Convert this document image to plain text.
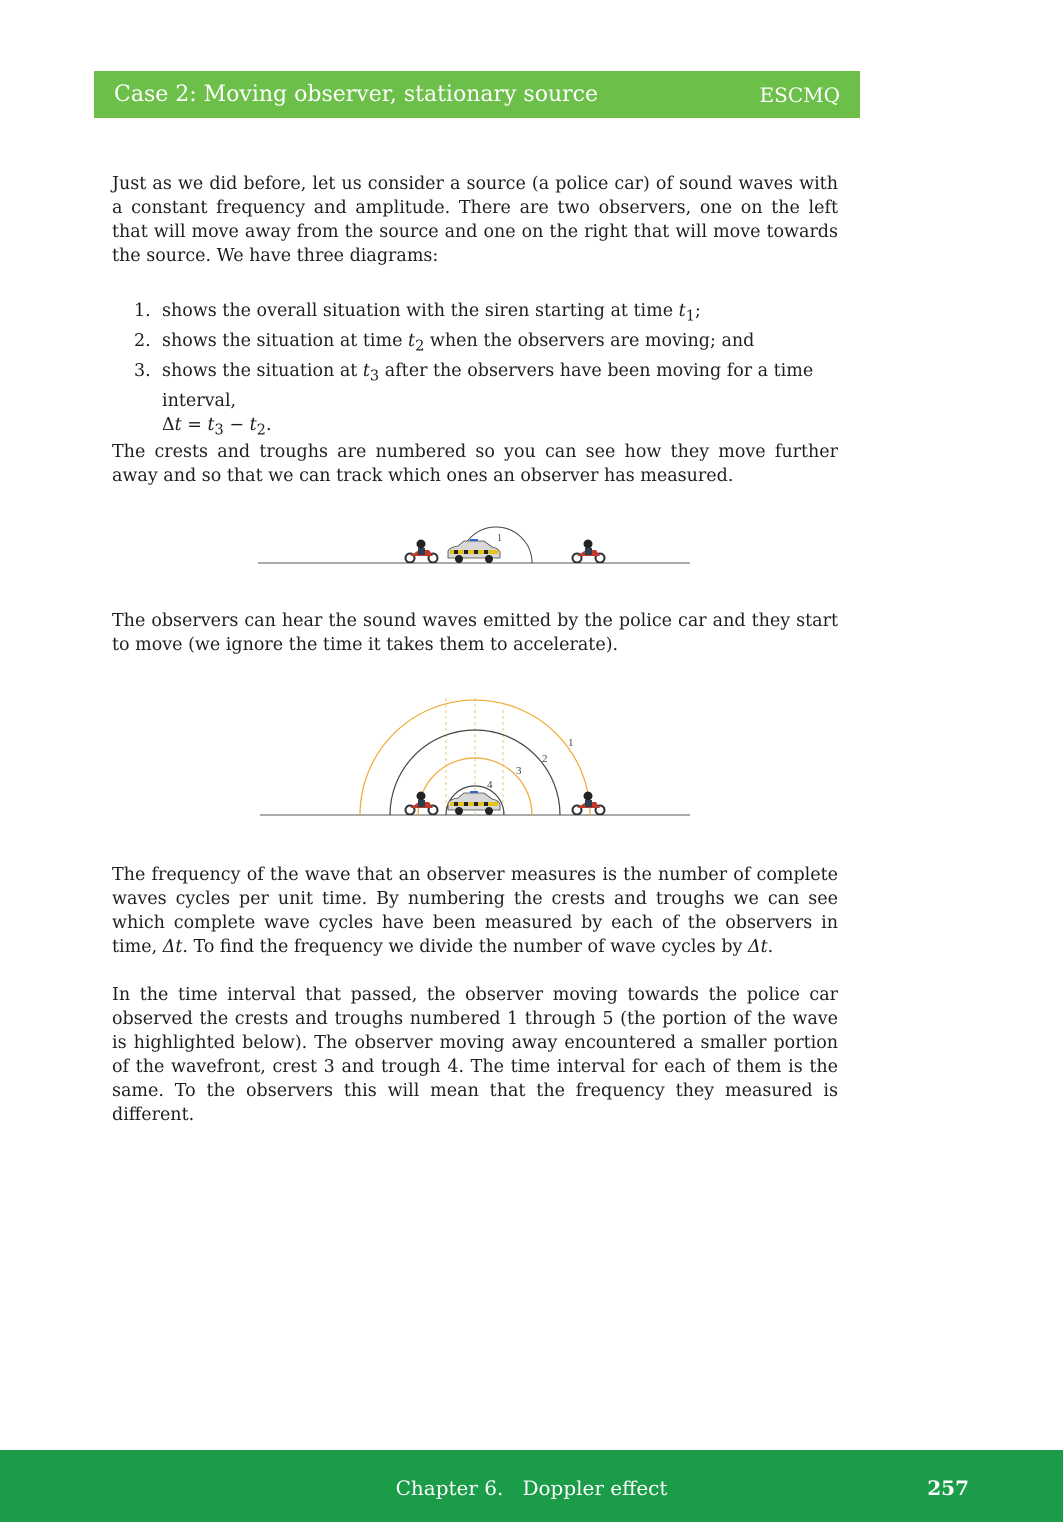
Case 2: Moving observer, stationary source	ESCMQ

Just as we did before, let us consider a source (a police car) of sound waves with a constant frequency and amplitude. There are two observers, one on the left that will move away from the source and one on the right that will move towards the source. We have three diagrams:

1. shows the overall situation with the siren starting at time $t_1$;
2. shows the situation at time $t_2$ when the observers are moving; and
3. shows the situation at $t_3$ after the observers have been moving for a time interval,
$\Delta t = t_3 - t_2$.

The crests and troughs are numbered so you can see how they move further away and so that we can track which ones an observer has measured.

1

The observers can hear the sound waves emitted by the police car and they start to move (we ignore the time it takes them to accelerate).

1
2
3
4

The frequency of the wave that an observer measures is the number of complete waves cycles per unit time. By numbering the crests and troughs we can see which complete wave cycles have been measured by each of the observers in time, Δt. To find the frequency we divide the number of wave cycles by Δt.

In the time interval that passed, the observer moving towards the police car observed the crests and troughs numbered 1 through 5 (the portion of the wave is highlighted below). The observer moving away encountered a smaller portion of the wavefront, crest 3 and trough 4. The time interval for each of them is the same. To the observers this will mean that the frequency they measured is different.

Chapter 6.   Doppler effect	257
